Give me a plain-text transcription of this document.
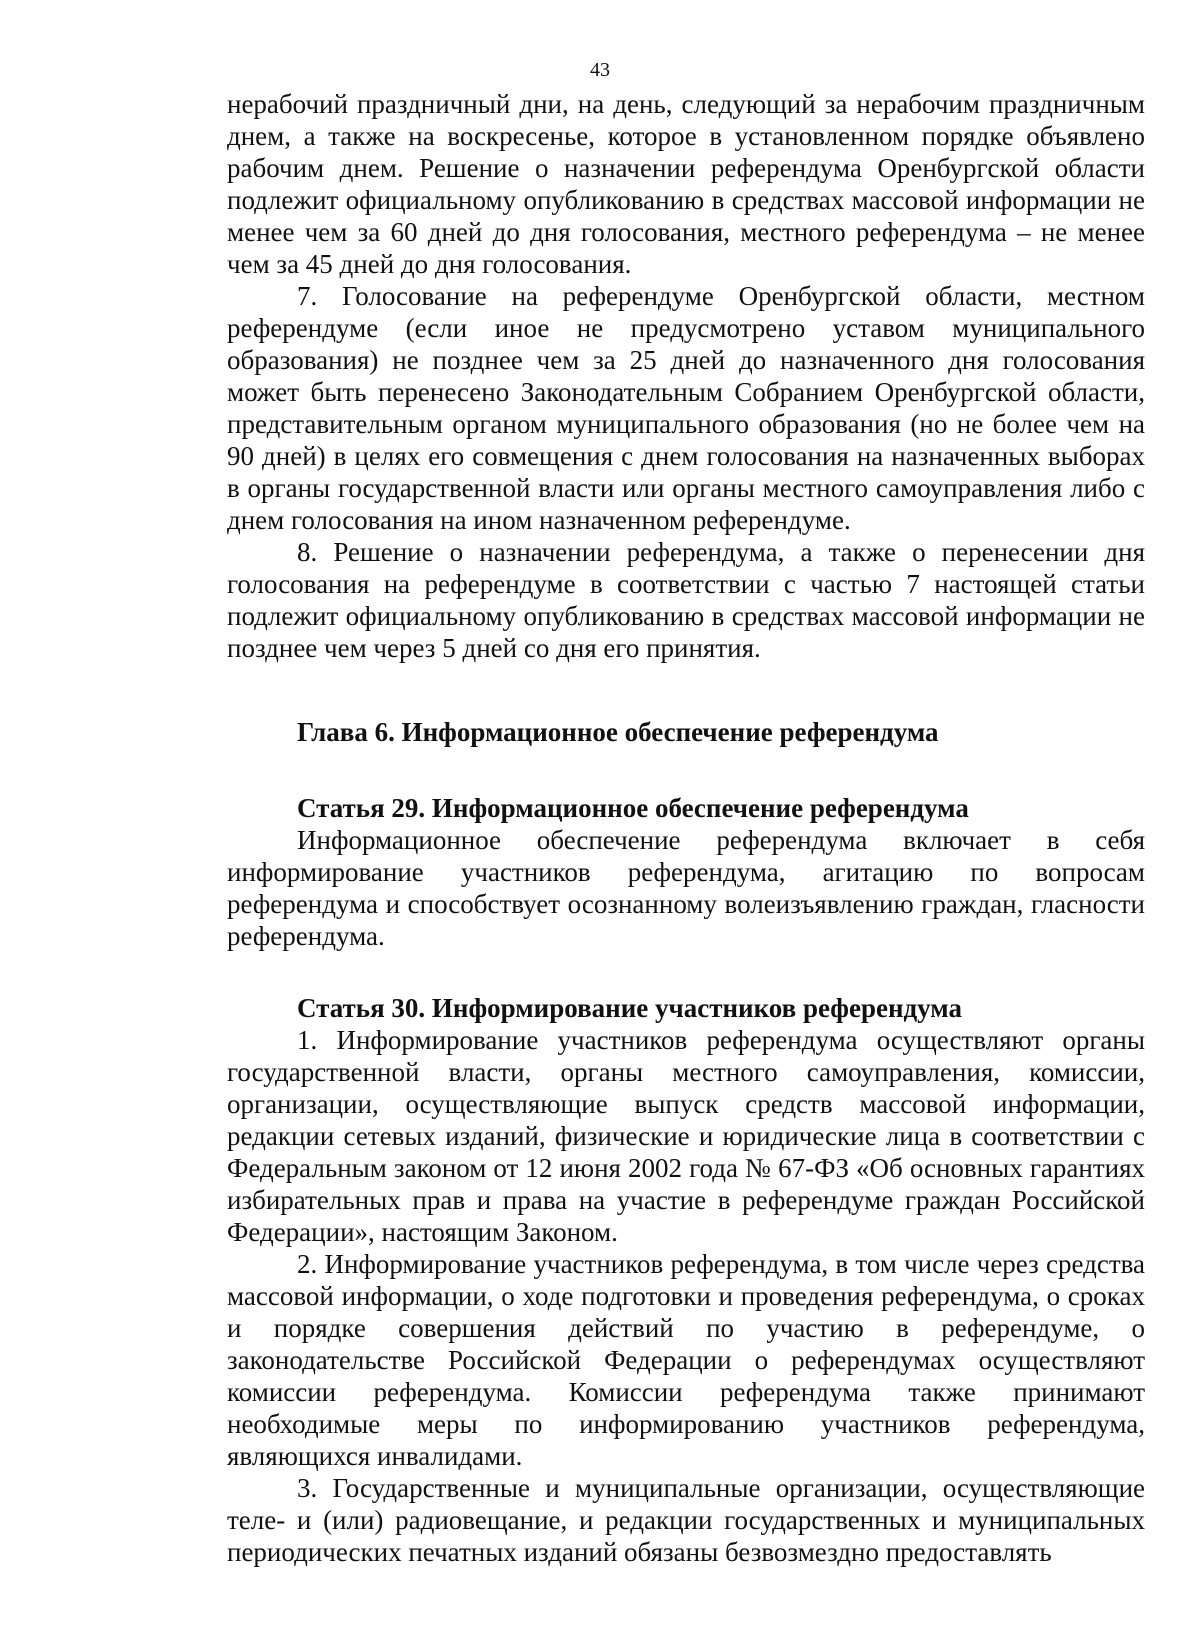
43

нерабочий праздничный дни, на день, следующий за нерабочим праздничным днем, а также на воскресенье, которое в установленном порядке объявлено рабочим днем. Решение о назначении референдума Оренбургской области подлежит официальному опубликованию в средствах массовой информации не менее чем за 60 дней до дня голосования, местного референдума – не менее чем за 45 дней до дня голосования.

7. Голосование на референдуме Оренбургской области, местном референдуме (если иное не предусмотрено уставом муниципального образования) не позднее чем за 25 дней до назначенного дня голосования может быть перенесено Законодательным Собранием Оренбургской области, представительным органом муниципального образования (но не более чем на 90 дней) в целях его совмещения с днем голосования на назначенных выборах в органы государственной власти или органы местного самоуправления либо с днем голосования на ином назначенном референдуме.

8. Решение о назначении референдума, а также о перенесении дня голосования на референдуме в соответствии с частью 7 настоящей статьи подлежит официальному опубликованию в средствах массовой информации не позднее чем через 5 дней со дня его принятия.

Глава 6. Информационное обеспечение референдума

Статья 29. Информационное обеспечение референдума

Информационное обеспечение референдума включает в себя информирование участников референдума, агитацию по вопросам референдума и способствует осознанному волеизъявлению граждан, гласности референдума.

Статья 30. Информирование участников референдума

1. Информирование участников референдума осуществляют органы государственной власти, органы местного самоуправления, комиссии, организации, осуществляющие выпуск средств массовой информации, редакции сетевых изданий, физические и юридические лица в соответствии с Федеральным законом от 12 июня 2002 года № 67-ФЗ «Об основных гарантиях избирательных прав и права на участие в референдуме граждан Российской Федерации», настоящим Законом.

2. Информирование участников референдума, в том числе через средства массовой информации, о ходе подготовки и проведения референдума, о сроках и порядке совершения действий по участию в референдуме, о законодательстве Российской Федерации о референдумах осуществляют комиссии референдума. Комиссии референдума также принимают необходимые меры по информированию участников референдума, являющихся инвалидами.

3. Государственные и муниципальные организации, осуществляющие теле- и (или) радиовещание, и редакции государственных и муниципальных периодических печатных изданий обязаны безвозмездно предоставлять
